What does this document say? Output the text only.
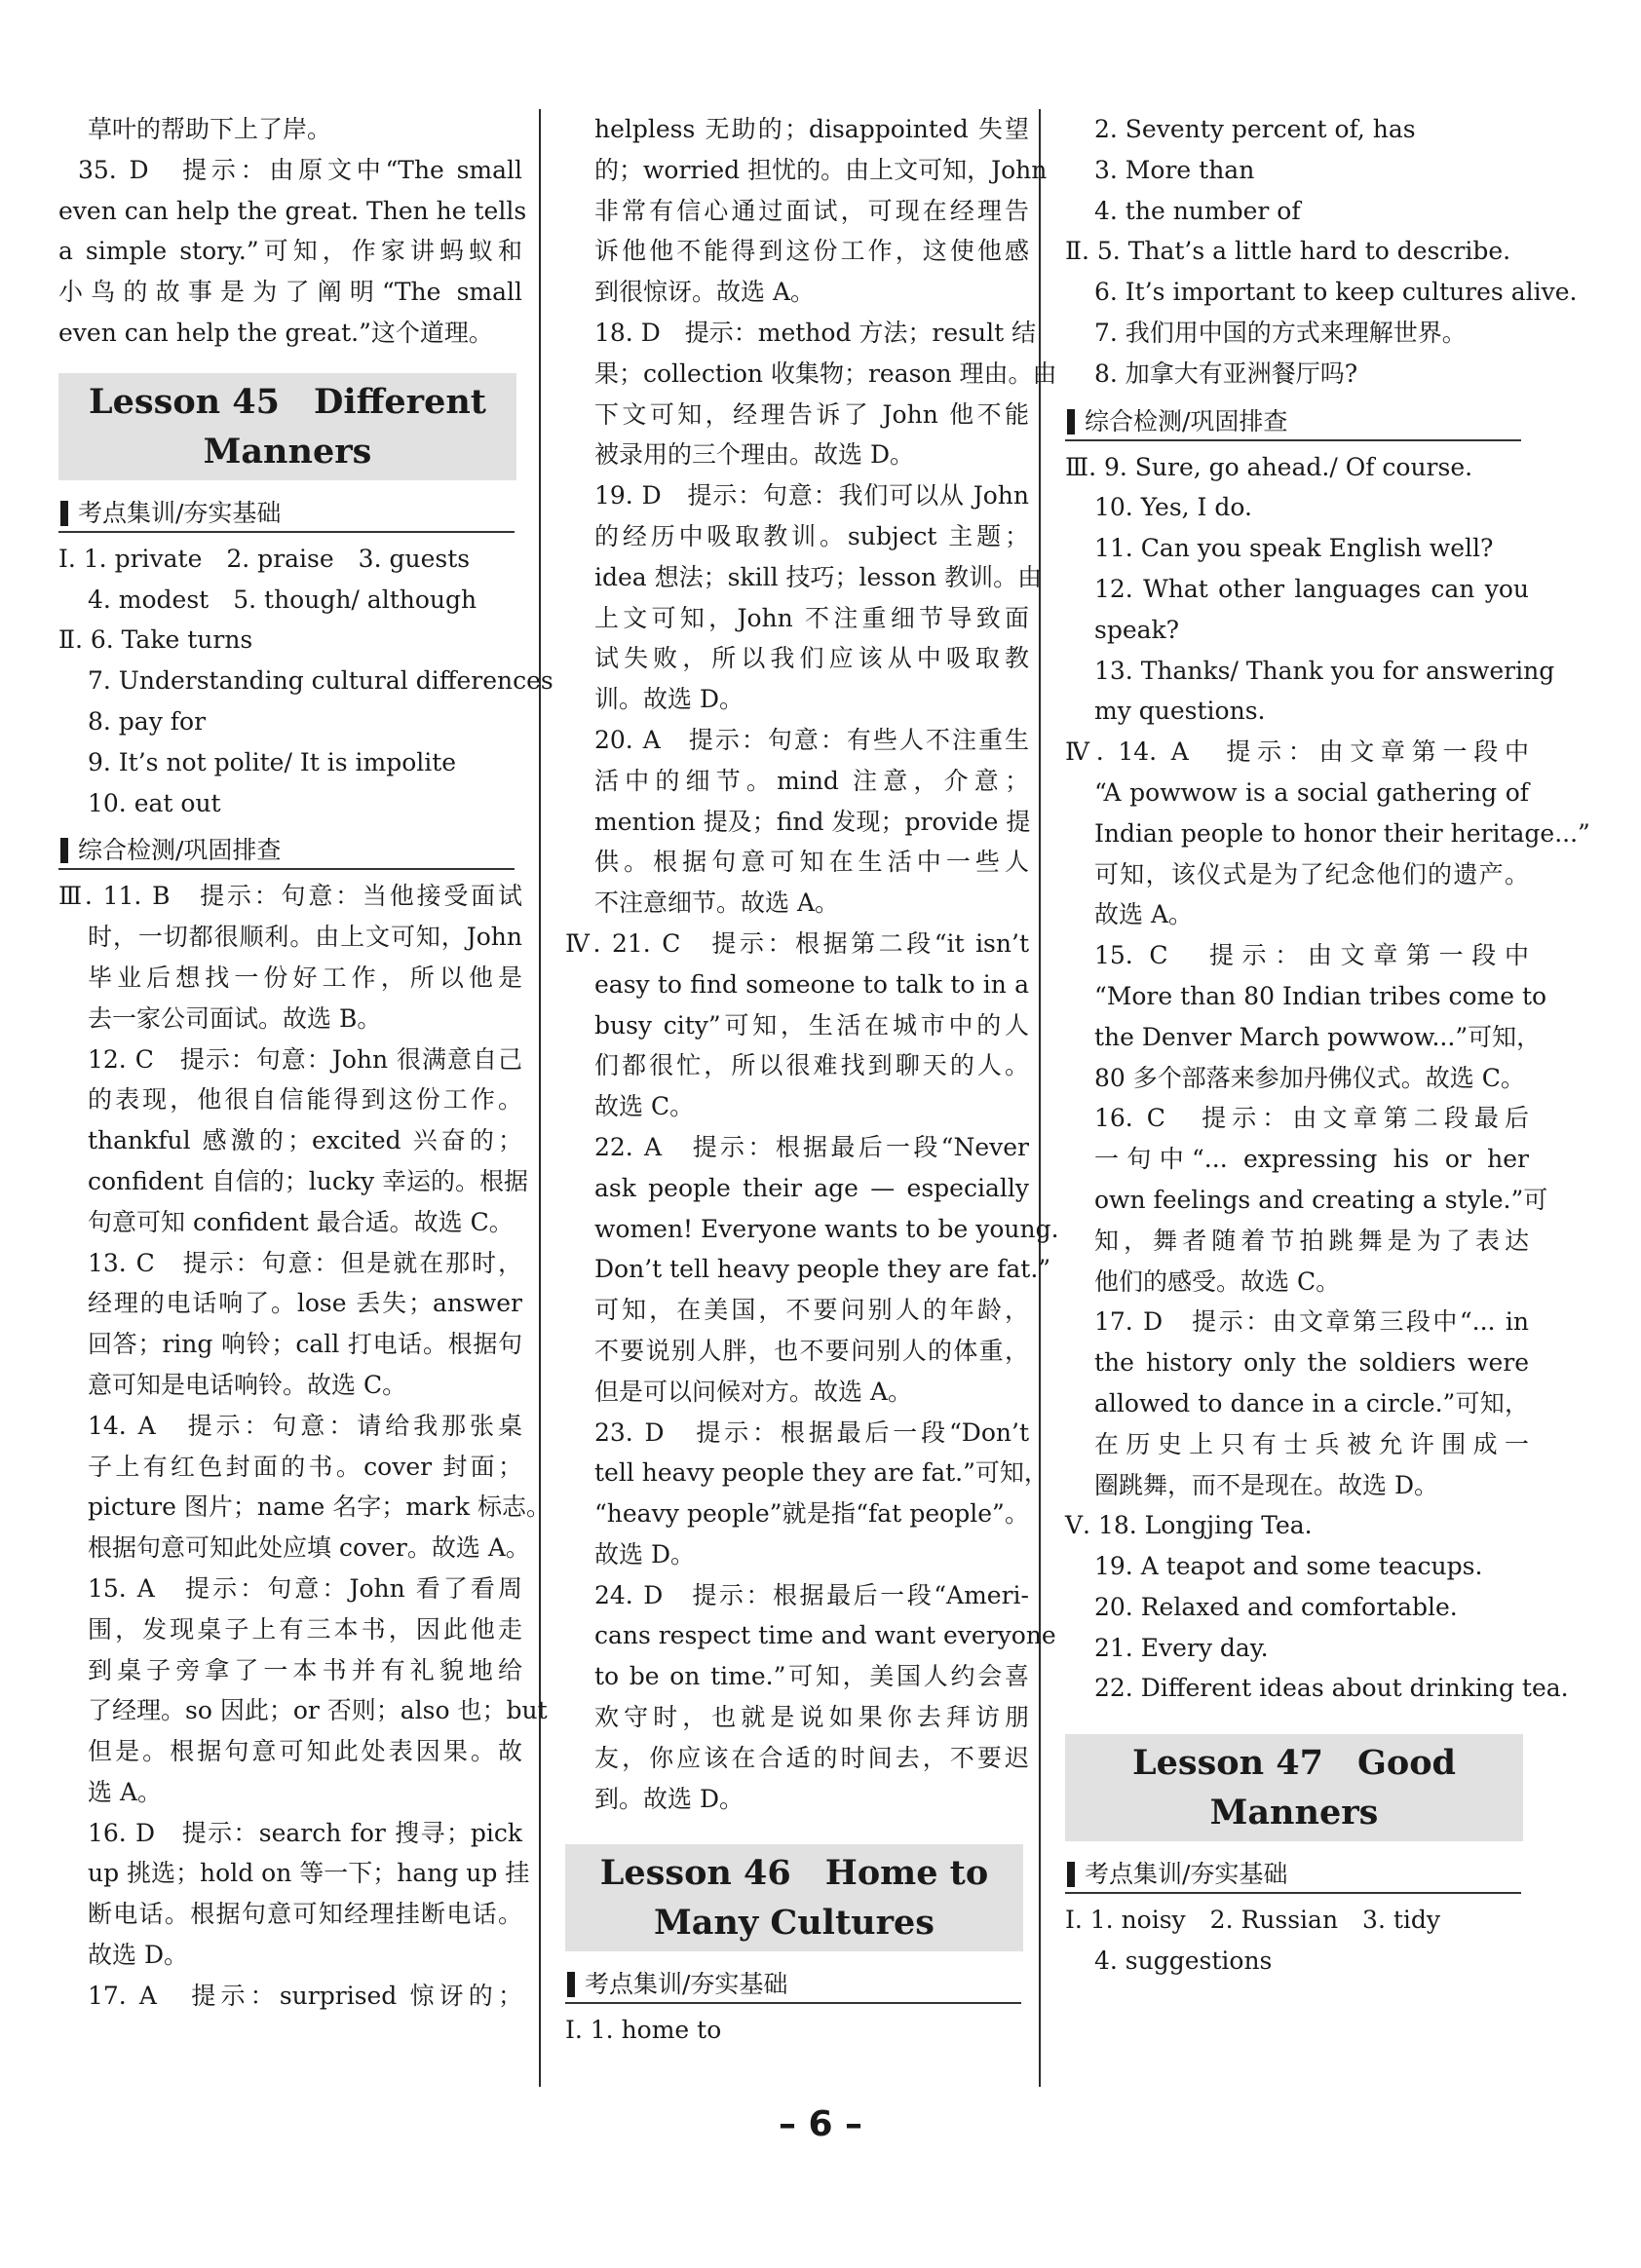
草叶的帮助下上了岸。
35. D　提示：由原文中“The small
even can help the great. Then he tells
a simple story.”可知，作家讲蚂蚁和
小鸟的故事是为了阐明“The small
even can help the great.”这个道理。
Lesson 45　Different
Manners
考点集训/夯实基础
Ⅰ. 1. private　2. praise　3. guests
4. modest　5. though/ although
Ⅱ. 6. Take turns
7. Understanding cultural differences
8. pay for
9. It’s not polite/ It is impolite
10. eat out
综合检测/巩固排查
Ⅲ. 11. B　提示：句意：当他接受面试
时，一切都很顺利。由上文可知，John
毕业后想找一份好工作，所以他是
去一家公司面试。故选 B。
12. C　提示：句意：John 很满意自己
的表现，他很自信能得到这份工作。
thankful 感激的；excited 兴奋的；
confident 自信的；lucky 幸运的。根据
句意可知 confident 最合适。故选 C。
13. C　提示：句意：但是就在那时，
经理的电话响了。lose 丢失；answer
回答；ring 响铃；call 打电话。根据句
意可知是电话响铃。故选 C。
14. A　提示：句意：请给我那张桌
子上有红色封面的书。cover 封面；
picture 图片；name 名字；mark 标志。
根据句意可知此处应填 cover。故选 A。
15. A　提示：句意：John 看了看周
围，发现桌子上有三本书，因此他走
到桌子旁拿了一本书并有礼貌地给
了经理。so 因此；or 否则；also 也；but
但是。根据句意可知此处表因果。故
选 A。
16. D　提示：search for 搜寻；pick
up 挑选；hold on 等一下；hang up 挂
断电话。根据句意可知经理挂断电话。
故选 D。
17. A　提示：surprised 惊讶的；
helpless 无助的；disappointed 失望
的；worried 担忧的。由上文可知，John
非常有信心通过面试，可现在经理告
诉他他不能得到这份工作，这使他感
到很惊讶。故选 A。
18. D　提示：method 方法；result 结
果；collection 收集物；reason 理由。由
下文可知，经理告诉了 John 他不能
被录用的三个理由。故选 D。
19. D　提示：句意：我们可以从 John
的经历中吸取教训。subject 主题；
idea 想法；skill 技巧；lesson 教训。由
上文可知，John 不注重细节导致面
试失败，所以我们应该从中吸取教
训。故选 D。
20. A　提示：句意：有些人不注重生
活中的细节。mind 注意，介意；
mention 提及；find 发现；provide 提
供。根据句意可知在生活中一些人
不注意细节。故选 A。
Ⅳ. 21. C　提示：根据第二段“it isn’t
easy to find someone to talk to in a
busy city”可知，生活在城市中的人
们都很忙，所以很难找到聊天的人。
故选 C。
22. A　提示：根据最后一段“Never
ask people their age — especially
women! Everyone wants to be young.
Don’t tell heavy people they are fat.”
可知，在美国，不要问别人的年龄，
不要说别人胖，也不要问别人的体重，
但是可以问候对方。故选 A。
23. D　提示：根据最后一段“Don’t
tell heavy people they are fat.”可知，
“heavy people”就是指“fat people”。
故选 D。
24. D　提示：根据最后一段“Ameri-
cans respect time and want everyone
to be on time.”可知，美国人约会喜
欢守时，也就是说如果你去拜访朋
友，你应该在合适的时间去，不要迟
到。故选 D。
Lesson 46　Home to
Many Cultures
考点集训/夯实基础
Ⅰ. 1. home to
2. Seventy percent of, has
3. More than
4. the number of
Ⅱ. 5. That’s a little hard to describe.
6. It’s important to keep cultures alive.
7. 我们用中国的方式来理解世界。
8. 加拿大有亚洲餐厅吗?
综合检测/巩固排查
Ⅲ. 9. Sure, go ahead./ Of course.
10. Yes, I do.
11. Can you speak English well?
12. What other languages can you
speak?
13. Thanks/ Thank you for answering
my questions.
Ⅳ. 14. A　提示：由文章第一段中
“A powwow is a social gathering of
Indian people to honor their heritage...”
可知，该仪式是为了纪念他们的遗产。
故选 A。
15. C　提示：由文章第一段中
“More than 80 Indian tribes come to
the Denver March powwow...”可知，
80 多个部落来参加丹佛仪式。故选 C。
16. C　提示：由文章第二段最后
一句中“... expressing his or her
own feelings and creating a style.”可
知，舞者随着节拍跳舞是为了表达
他们的感受。故选 C。
17. D　提示：由文章第三段中“... in
the history only the soldiers were
allowed to dance in a circle.”可知，
在历史上只有士兵被允许围成一
圈跳舞，而不是现在。故选 D。
Ⅴ. 18. Longjing Tea.
19. A teapot and some teacups.
20. Relaxed and comfortable.
21. Every day.
22. Different ideas about drinking tea.
Lesson 47　Good
Manners
考点集训/夯实基础
Ⅰ. 1. noisy　2. Russian　3. tidy
4. suggestions
– 6 –
